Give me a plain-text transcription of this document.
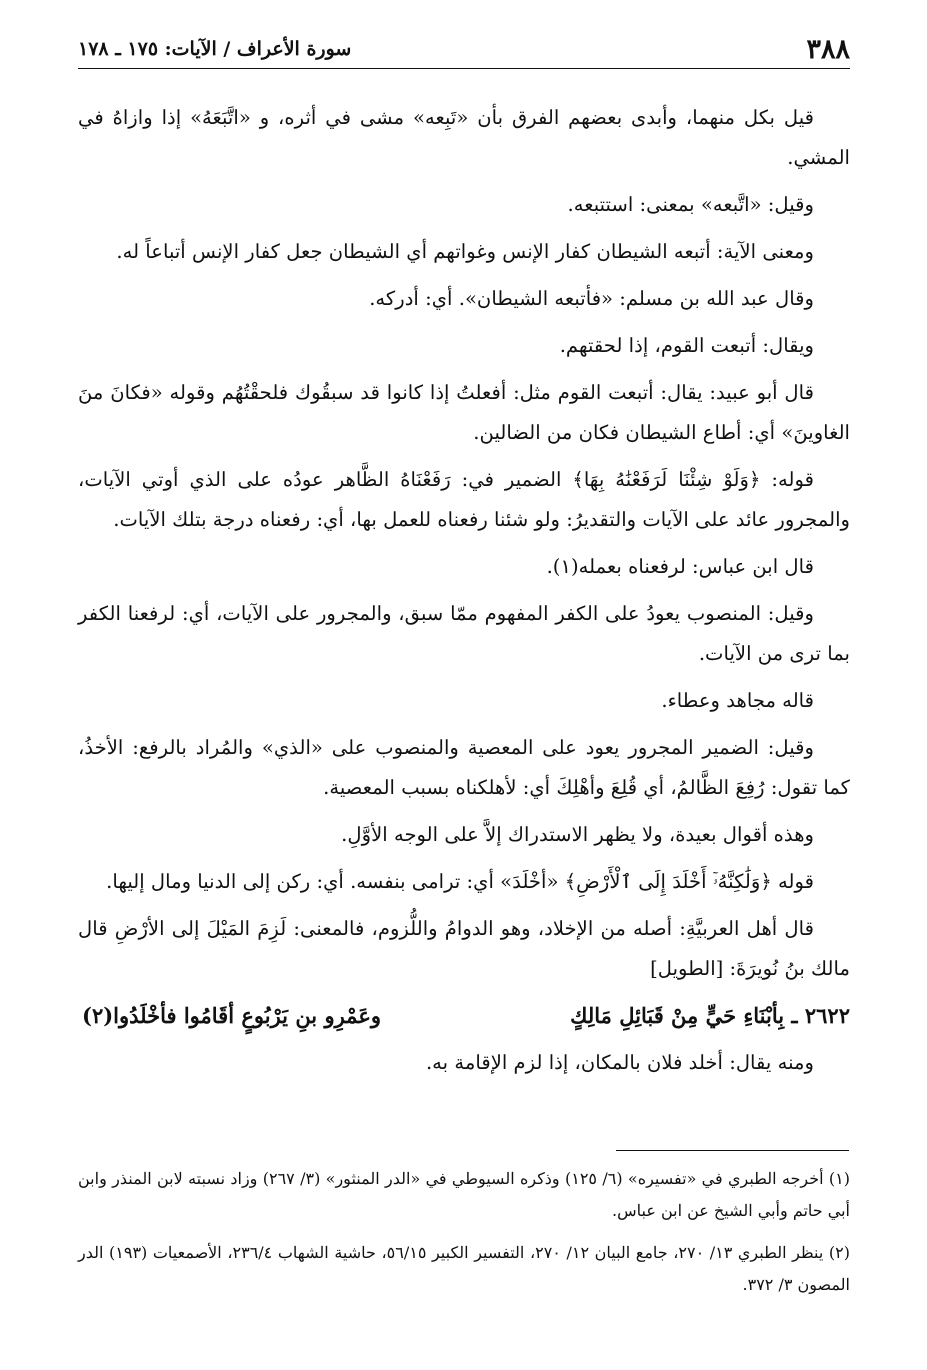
٣٨٨
سورة الأعراف / الآيات: ١٧٥ ـ ١٧٨

قيل بكل منهما، وأبدى بعضهم الفرق بأن «تَبِعه» مشى في أثره، و «اتَّبَعَهُ» إذا وازاهُ في المشي.

وقيل: «اتَّبعه» بمعنى: استتبعه.

ومعنى الآية: أتبعه الشيطان كفار الإنس وغواتهم أي الشيطان جعل كفار الإنس أتباعاً له.

وقال عبد الله بن مسلم: «فأتبعه الشيطان». أي: أدركه.

ويقال: أتبعت القوم، إذا لحقتهم.

قال أبو عبيد: يقال: أتبعت القوم مثل: أفعلتُ إذا كانوا قد سبقُوك فلحقْتُهُم وقوله «فكانَ منَ الغاوينَ» أي: أطاع الشيطان فكان من الضالين.

قوله: ﴿وَلَوْ شِئْنَا لَرَفَعْنَٰهُ بِهَا﴾ الضمير في: رَفَعْنَاهُ الظَّاهر عودُه على الذي أوتي الآيات، والمجرور عائد على الآيات والتقديرُ: ولو شئنا رفعناه للعمل بها، أي: رفعناه درجة بتلك الآيات.

قال ابن عباس: لرفعناه بعمله(١).

وقيل: المنصوب يعودُ على الكفر المفهوم ممّا سبق، والمجرور على الآيات، أي: لرفعنا الكفر بما ترى من الآيات.

قاله مجاهد وعطاء.

وقيل: الضمير المجرور يعود على المعصية والمنصوب على «الذي» والمُراد بالرفع: الأخذُ، كما تقول: رُفِعَ الظَّالمُ، أي قُلِعَ وأهْلِكَ أي: لأهلكناه بسبب المعصية.

وهذه أقوال بعيدة، ولا يظهر الاستدراك إلاَّ على الوجه الأوَّلِ.

قوله ﴿وَلَٰكِنَّهُۥٓ أَخْلَدَ إِلَى ٱلْأَرْضِ﴾ «أخْلَدَ» أي: ترامى بنفسه. أي: ركن إلى الدنيا ومال إليها.

قال أهل العربيَّةِ: أصله من الإخلاد، وهو الدوامُ واللُّزوم، فالمعنى: لَزِمَ المَيْلَ إلى الأرْضِ قال مالك بنُ نُويرَةَ: [الطويل]

٢٦٢٢ ـ بِأبْنَاءِ حَيٍّ مِنْ قَبَائِلِ مَالِكٍ
وعَمْرِو بنِ يَرْبُوعٍ أقَامُوا فأخْلَدُوا(٢)

ومنه يقال: أخلد فلان بالمكان، إذا لزم الإقامة به.

(١) أخرجه الطبري في «تفسيره» (٦/ ١٢٥) وذكره السيوطي في «الدر المنثور» (٣/ ٢٦٧) وزاد نسبته لابن المنذر وابن أبي حاتم وأبي الشيخ عن ابن عباس.

(٢) ينظر الطبري ١٣/ ٢٧٠، جامع البيان ١٢/ ٢٧٠، التفسير الكبير ٥٦/١٥، حاشية الشهاب ٢٣٦/٤، الأصمعيات (١٩٣) الدر المصون ٣/ ٣٧٢.
